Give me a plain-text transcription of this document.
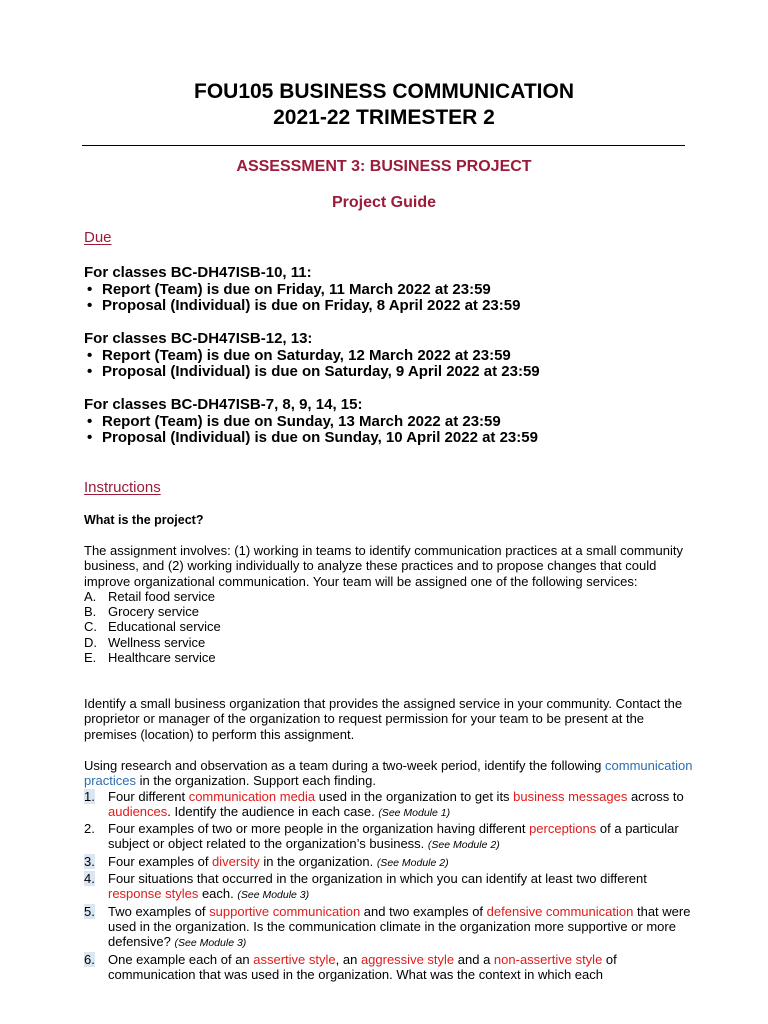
FOU105 BUSINESS COMMUNICATION
2021-22 TRIMESTER 2
ASSESSMENT 3: BUSINESS PROJECT
Project Guide
Due

For classes BC-DH47ISB-10, 11:

• Report (Team) is due on Friday, 11 March 2022 at 23:59
• Proposal (Individual) is due on Friday, 8 April 2022 at 23:59

For classes BC-DH47ISB-12, 13:

• Report (Team) is due on Saturday, 12 March 2022 at 23:59
• Proposal (Individual) is due on Saturday, 9 April 2022 at 23:59

For classes BC-DH47ISB-7, 8, 9, 14, 15:

• Report (Team) is due on Sunday, 13 March 2022 at 23:59
• Proposal (Individual) is due on Sunday, 10 April 2022 at 23:59
Instructions
What is the project?

The assignment involves: (1) working in teams to identify communication practices at a small community business, and (2) working individually to analyze these practices and to propose changes that could improve organizational communication. Your team will be assigned one of the following services:

A. Retail food service
B. Grocery service
C. Educational service
D. Wellness service
E. Healthcare service

Identify a small business organization that provides the assigned service in your community. Contact the proprietor or manager of the organization to request permission for your team to be present at the premises (location) to perform this assignment.

Using research and observation as a team during a two-week period, identify the following communication practices in the organization. Support each finding.

1. Four different communication media used in the organization to get its business messages across to audiences. Identify the audience in each case. (See Module 1)
2. Four examples of two or more people in the organization having different perceptions of a particular subject or object related to the organization’s business. (See Module 2)
3. Four examples of diversity in the organization. (See Module 2)
4. Four situations that occurred in the organization in which you can identify at least two different response styles each. (See Module 3)
5. Two examples of supportive communication and two examples of defensive communication that were used in the organization. Is the communication climate in the organization more supportive or more defensive? (See Module 3)
6. One example each of an assertive style, an aggressive style and a non-assertive style of communication that was used in the organization. What was the context in which each
